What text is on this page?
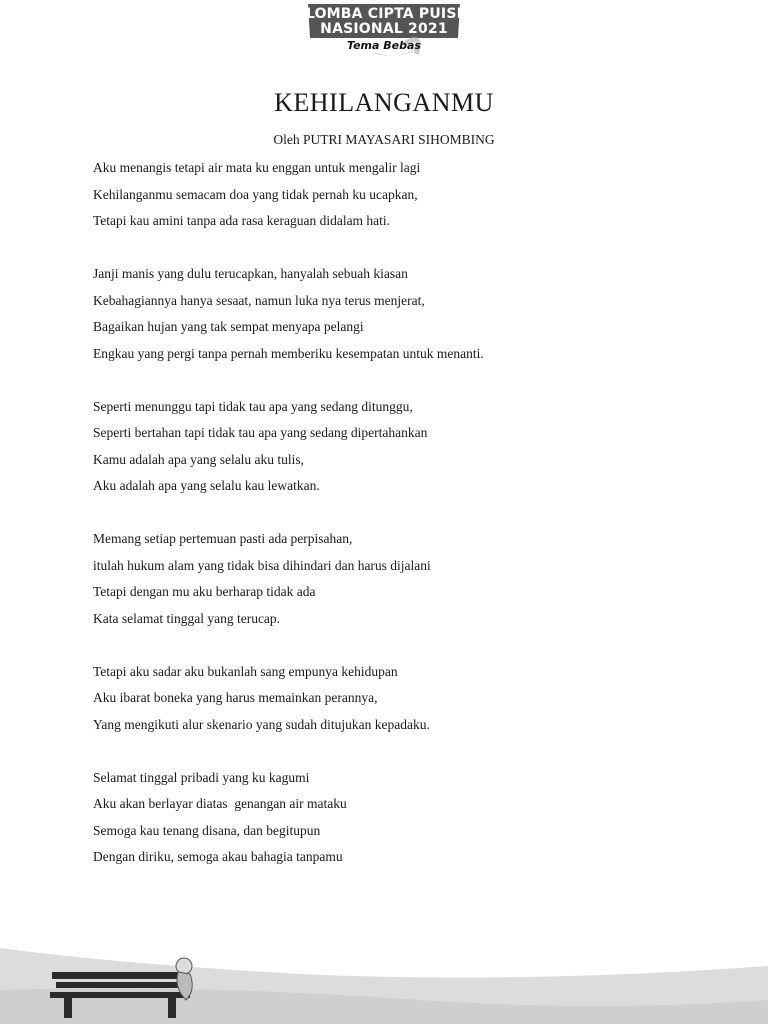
LOMBA CIPTA PUISI
NASIONAL 2021
Tema Bebas
KEHILANGANMU
Oleh PUTRI MAYASARI SIHOMBING
Aku menangis tetapi air mata ku enggan untuk mengalir lagi
Kehilanganmu semacam doa yang tidak pernah ku ucapkan,
Tetapi kau amini tanpa ada rasa keraguan didalam hati.
Janji manis yang dulu terucapkan, hanyalah sebuah kiasan
Kebahagiannya hanya sesaat, namun luka nya terus menjerat,
Bagaikan hujan yang tak sempat menyapa pelangi
Engkau yang pergi tanpa pernah memberiku kesempatan untuk menanti.
Seperti menunggu tapi tidak tau apa yang sedang ditunggu,
Seperti bertahan tapi tidak tau apa yang sedang dipertahankan
Kamu adalah apa yang selalu aku tulis,
Aku adalah apa yang selalu kau lewatkan.
Memang setiap pertemuan pasti ada perpisahan,
itulah hukum alam yang tidak bisa dihindari dan harus dijalani
Tetapi dengan mu aku berharap tidak ada
Kata selamat tinggal yang terucap.
Tetapi aku sadar aku bukanlah sang empunya kehidupan
Aku ibarat boneka yang harus memainkan perannya,
Yang mengikuti alur skenario yang sudah ditujukan kepadaku.
Selamat tinggal pribadi yang ku kagumi
Aku akan berlayar diatas  genangan air mataku
Semoga kau tenang disana, dan begitupun
Dengan diriku, semoga akau bahagia tanpamu
